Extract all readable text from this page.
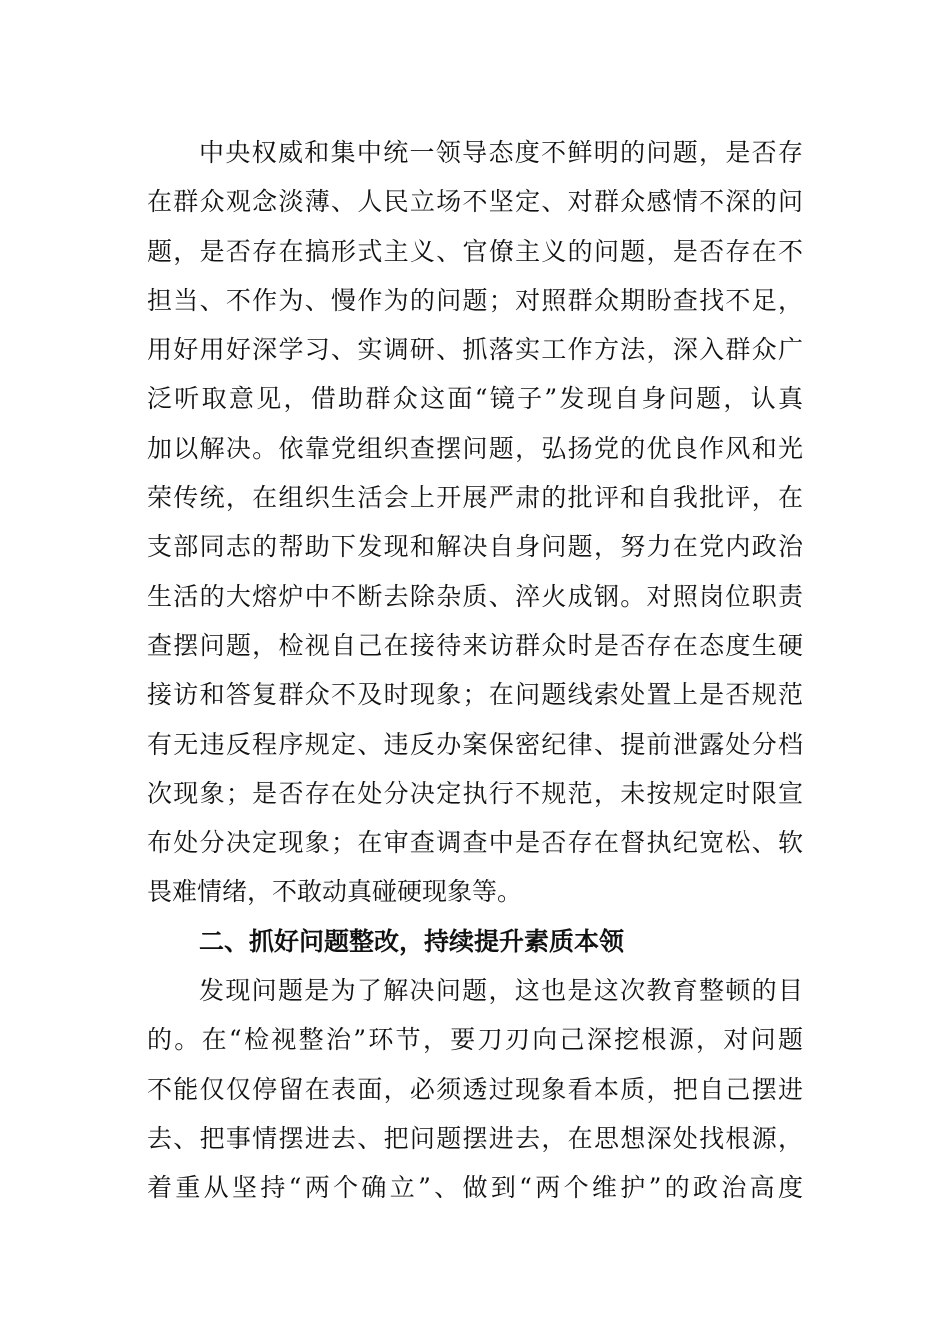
中央权威和集中统一领导态度不鲜明的问题，是否存
在群众观念淡薄、人民立场不坚定、对群众感情不深的问
题，是否存在搞形式主义、官僚主义的问题，是否存在不
担当、不作为、慢作为的问题；对照群众期盼查找不足，
用好用好深学习、实调研、抓落实工作方法，深入群众广
泛听取意见，借助群众这面“镜子”发现自身问题，认真
加以解决。依靠党组织查摆问题，弘扬党的优良作风和光
荣传统，在组织生活会上开展严肃的批评和自我批评，在
支部同志的帮助下发现和解决自身问题，努力在党内政治
生活的大熔炉中不断去除杂质、淬火成钢。对照岗位职责
查摆问题，检视自己在接待来访群众时是否存在态度生硬
接访和答复群众不及时现象；在问题线索处置上是否规范
有无违反程序规定、违反办案保密纪律、提前泄露处分档
次现象；是否存在处分决定执行不规范，未按规定时限宣
布处分决定现象；在审查调查中是否存在督执纪宽松、软
畏难情绪，不敢动真碰硬现象等。
二、抓好问题整改，持续提升素质本领
发现问题是为了解决问题，这也是这次教育整顿的目
的。在“检视整治”环节，要刀刃向己深挖根源，对问题
不能仅仅停留在表面，必须透过现象看本质，把自己摆进
去、把事情摆进去、把问题摆进去，在思想深处找根源，
着重从坚持“两个确立”、做到“两个维护”的政治高度
